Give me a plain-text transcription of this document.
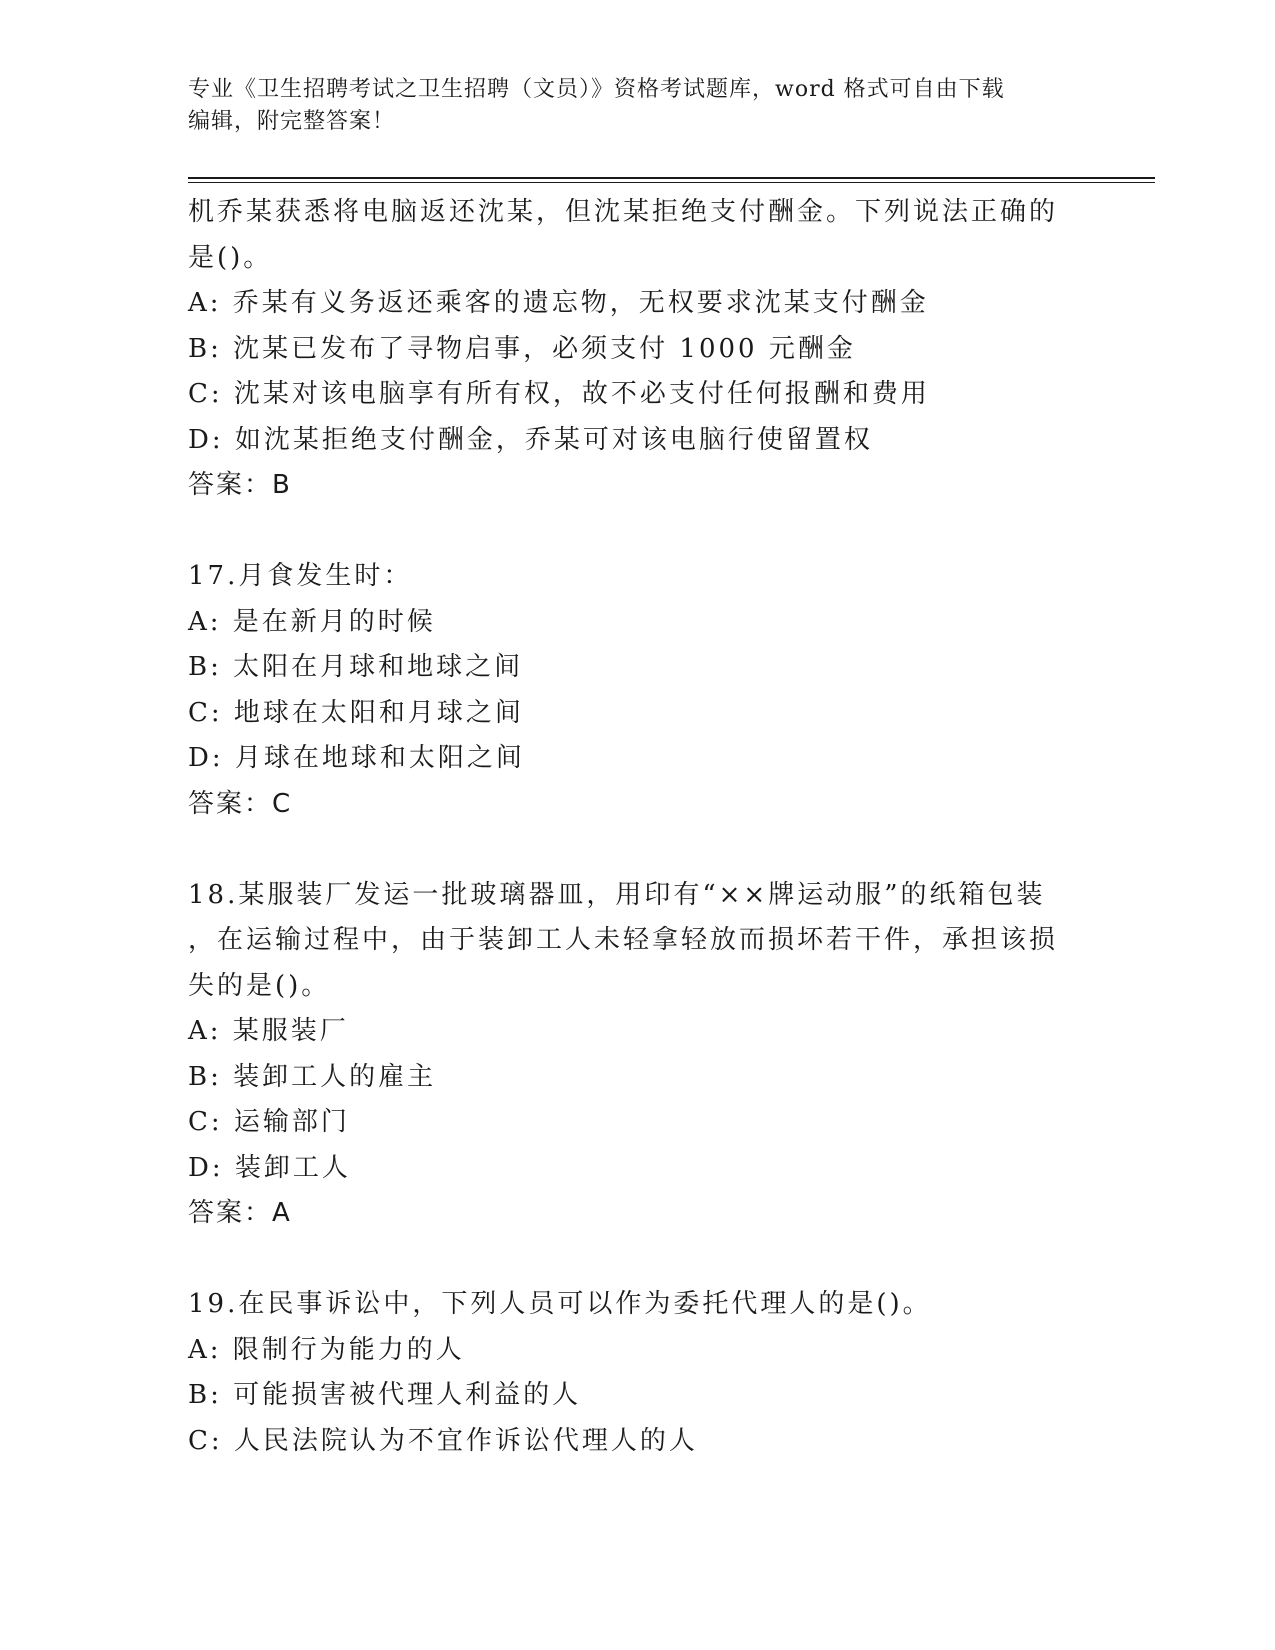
专业《卫生招聘考试之卫生招聘（文员）》资格考试题库，word 格式可自由下载
编辑，附完整答案！
机乔某获悉将电脑返还沈某，但沈某拒绝支付酬金。下列说法正确的
是()。
A: 乔某有义务返还乘客的遗忘物，无权要求沈某支付酬金
B: 沈某已发布了寻物启事，必须支付 1000 元酬金
C: 沈某对该电脑享有所有权，故不必支付任何报酬和费用
D: 如沈某拒绝支付酬金，乔某可对该电脑行使留置权
答案：B
17.月食发生时：
A: 是在新月的时候
B: 太阳在月球和地球之间
C: 地球在太阳和月球之间
D: 月球在地球和太阳之间
答案：C
18.某服装厂发运一批玻璃器皿，用印有“××牌运动服”的纸箱包装
，在运输过程中，由于装卸工人未轻拿轻放而损坏若干件，承担该损
失的是()。
A: 某服装厂
B: 装卸工人的雇主
C: 运输部门
D: 装卸工人
答案：A
19.在民事诉讼中，下列人员可以作为委托代理人的是()。
A: 限制行为能力的人
B: 可能损害被代理人利益的人
C: 人民法院认为不宜作诉讼代理人的人
